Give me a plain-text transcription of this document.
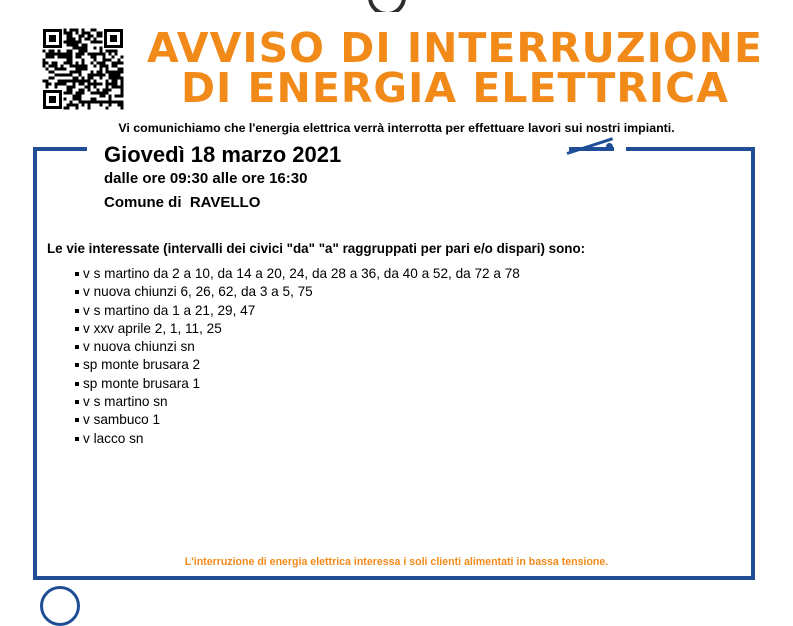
AVVISO DI INTERRUZIONE
DI ENERGIA ELETTRICA
Vi comunichiamo che l'energia elettrica verrà interrotta per effettuare lavori sui nostri impianti.
Giovedì 18 marzo 2021
dalle ore 09:30 alle ore 16:30
Comune di  RAVELLO
Le vie interessate (intervalli dei civici "da" "a" raggruppati per pari e/o dispari) sono:
v s martino da 2 a 10, da 14 a 20, 24, da 28 a 36, da 40 a 52, da 72 a 78
v nuova chiunzi 6, 26, 62, da 3 a 5, 75
v s martino da 1 a 21, 29, 47
v xxv aprile 2, 1, 11, 25
v nuova chiunzi sn
sp monte brusara 2
sp monte brusara 1
v s martino sn
v sambuco 1
v lacco sn
L'interruzione di energia elettrica interessa i soli clienti alimentati in bassa tensione.
